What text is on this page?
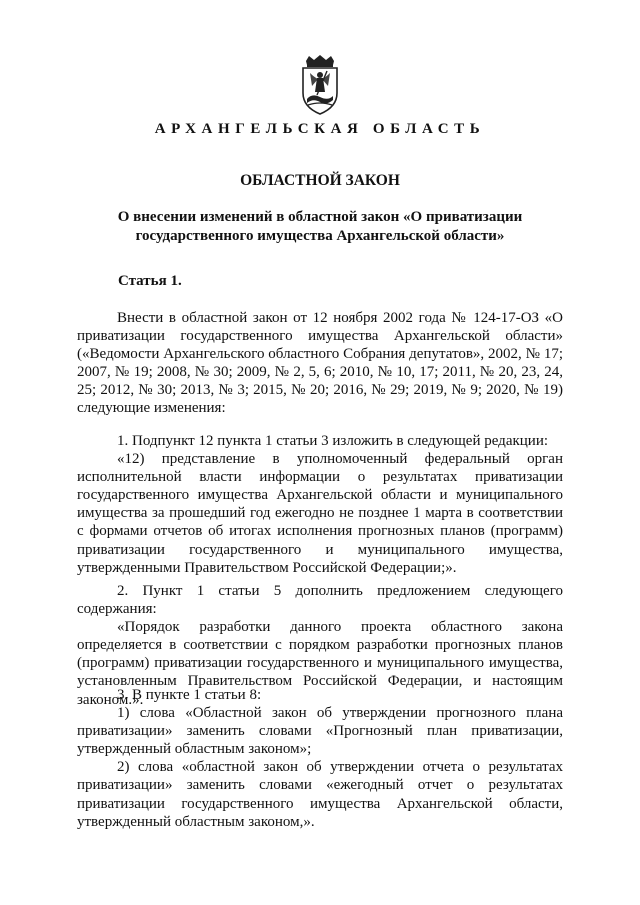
АРХАНГЕЛЬСКАЯ ОБЛАСТЬ
ОБЛАСТНОЙ ЗАКОН
О внесении изменений в областной закон «О приватизации
государственного имущества Архангельской области»
Статья 1.

Внести в областной закон от 12 ноября 2002 года № 124-17-ОЗ «О приватизации государственного имущества Архангельской области» («Ведомости Архангельского областного Собрания депутатов», 2002, № 17; 2007, № 19; 2008, № 30; 2009, № 2, 5, 6; 2010, № 10, 17; 2011, № 20, 23, 24, 25; 2012, № 30; 2013, № 3; 2015, № 20; 2016, № 29; 2019, № 9; 2020, № 19) следующие изменения:

1. Подпункт 12 пункта 1 статьи 3 изложить в следующей редакции:

«12) представление в уполномоченный федеральный орган исполнительной власти информации о результатах приватизации государственного имущества Архангельской области и муниципального имущества за прошедший год ежегодно не позднее 1 марта в соответствии с формами отчетов об итогах исполнения прогнозных планов (программ) приватизации государственного и муниципального имущества, утвержденными Правительством Российской Федерации;».

2. Пункт 1 статьи 5 дополнить предложением следующего содержания:

«Порядок разработки данного проекта областного закона определяется в соответствии с порядком разработки прогнозных планов (программ) приватизации государственного и муниципального имущества, установленным Правительством Российской Федерации, и настоящим законом.».

3. В пункте 1 статьи 8:

1) слова «Областной закон об утверждении прогнозного плана приватизации» заменить словами «Прогнозный план приватизации, утвержденный областным законом»;

2) слова «областной закон об утверждении отчета о результатах приватизации» заменить словами «ежегодный отчет о результатах приватизации государственного имущества Архангельской области, утвержденный областным законом,».
